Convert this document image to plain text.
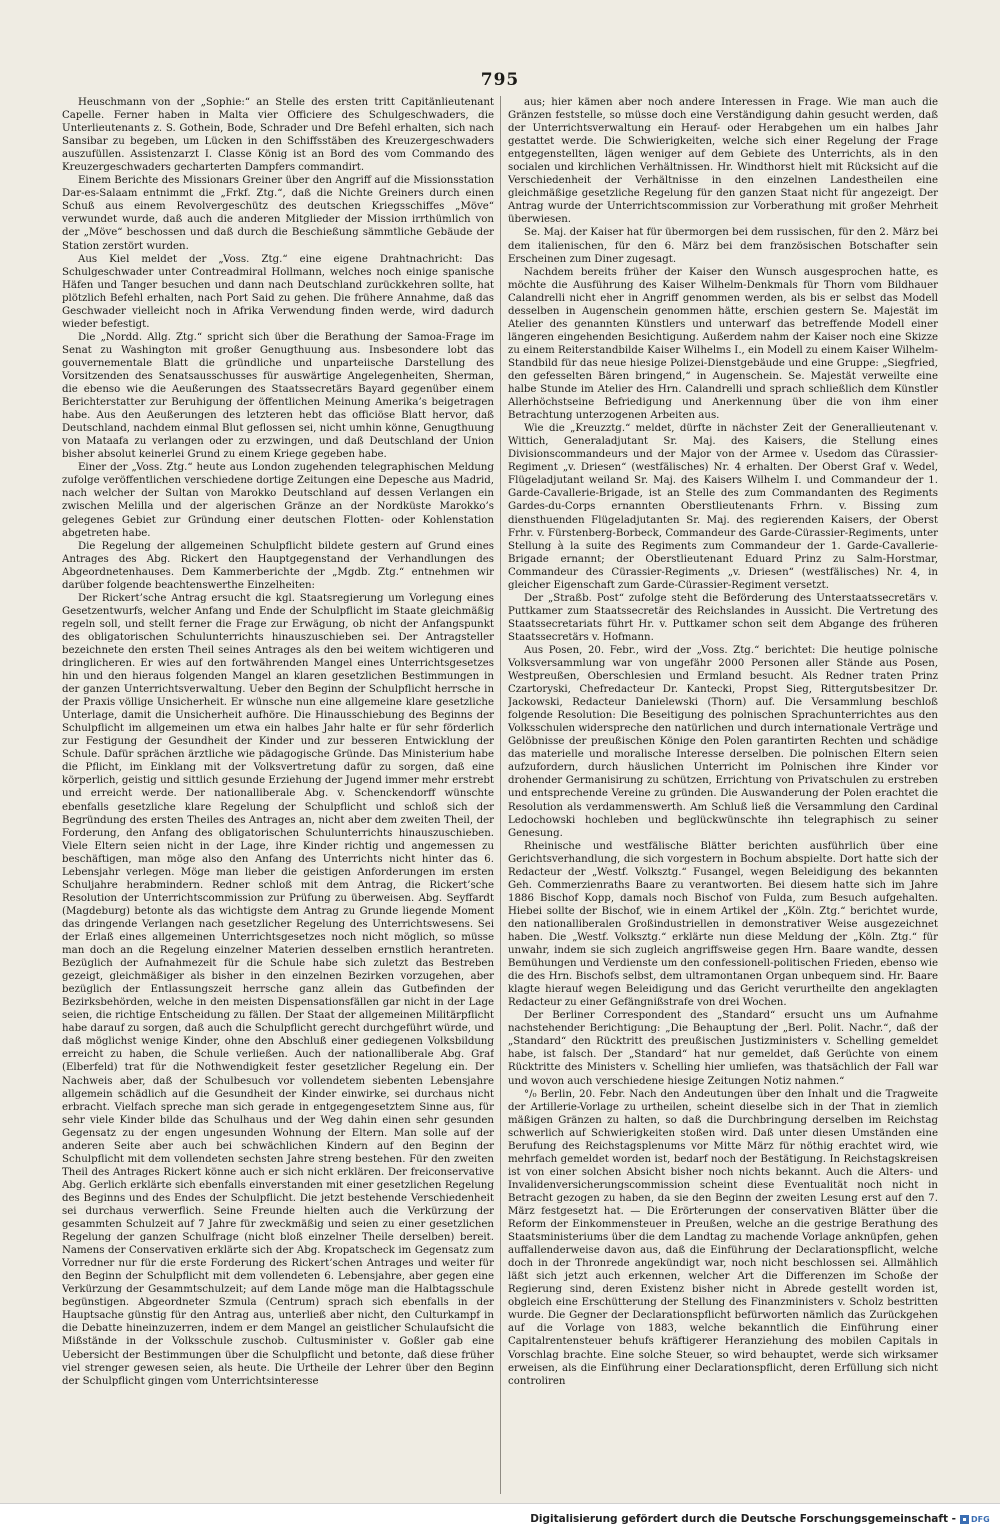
795

Heuschmann von der „Sophie:“ an Stelle des ersten tritt Capitänlieutenant Capelle. Ferner haben in Malta vier Officiere des Schulgeschwaders, die Unterlieutenants z. S. Gothein, Bode, Schrader und Dre Befehl erhalten, sich nach Sansibar zu begeben, um Lücken in den Schiffsstäben des Kreuzergeschwaders auszufüllen. Assistenzarzt I. Classe König ist an Bord des vom Commando des Kreuzergeschwaders gecharterten Dampfers commandirt.

Einem Berichte des Missionars Greiner über den Angriff auf die Missionsstation Dar-es-Salaam entnimmt die „Frkf. Ztg.“, daß die Nichte Greiners durch einen Schuß aus einem Revolvergeschütz des deutschen Kriegsschiffes „Möve“ verwundet wurde, daß auch die anderen Mitglieder der Mission irrthümlich von der „Möve“ beschossen und daß durch die Beschießung sämmtliche Gebäude der Station zerstört wurden.

Aus Kiel meldet der „Voss. Ztg.“ eine eigene Drahtnachricht: Das Schulgeschwader unter Contreadmiral Hollmann, welches noch einige spanische Häfen und Tanger besuchen und dann nach Deutschland zurückkehren sollte, hat plötzlich Befehl erhalten, nach Port Said zu gehen. Die frühere Annahme, daß das Geschwader vielleicht noch in Afrika Verwendung finden werde, wird dadurch wieder befestigt.

Die „Nordd. Allg. Ztg.“ spricht sich über die Berathung der Samoa-Frage im Senat zu Washington mit großer Genugthuung aus. Insbesondere lobt das gouvernementale Blatt die gründliche und unparteiische Darstellung des Vorsitzenden des Senatsausschusses für auswärtige Angelegenheiten, Sherman, die ebenso wie die Aeußerungen des Staatssecretärs Bayard gegenüber einem Berichterstatter zur Beruhigung der öffentlichen Meinung Amerika’s beigetragen habe. Aus den Aeußerungen des letzteren hebt das officiöse Blatt hervor, daß Deutschland, nachdem einmal Blut geflossen sei, nicht umhin könne, Genugthuung von Mataafa zu verlangen oder zu erzwingen, und daß Deutschland der Union bisher absolut keinerlei Grund zu einem Kriege gegeben habe.

Einer der „Voss. Ztg.“ heute aus London zugehenden telegraphischen Meldung zufolge veröffentlichen verschiedene dortige Zeitungen eine Depesche aus Madrid, nach welcher der Sultan von Marokko Deutschland auf dessen Verlangen ein zwischen Melilla und der algerischen Gränze an der Nordküste Marokko’s gelegenes Gebiet zur Gründung einer deutschen Flotten- oder Kohlenstation abgetreten habe.

Die Regelung der allgemeinen Schulpflicht bildete gestern auf Grund eines Antrages des Abg. Rickert den Hauptgegenstand der Verhandlungen des Abgeordnetenhauses. Dem Kammerberichte der „Mgdb. Ztg.“ entnehmen wir darüber folgende beachtenswerthe Einzelheiten:

Der Rickert’sche Antrag ersucht die kgl. Staatsregierung um Vorlegung eines Gesetzentwurfs, welcher Anfang und Ende der Schulpflicht im Staate gleichmäßig regeln soll, und stellt ferner die Frage zur Erwägung, ob nicht der Anfangspunkt des obligatorischen Schulunterrichts hinauszuschieben sei. Der Antragsteller bezeichnete den ersten Theil seines Antrages als den bei weitem wichtigeren und dringlicheren. Er wies auf den fortwährenden Mangel eines Unterrichtsgesetzes hin und den hieraus folgenden Mangel an klaren gesetzlichen Bestimmungen in der ganzen Unterrichtsverwaltung. Ueber den Beginn der Schulpflicht herrsche in der Praxis völlige Unsicherheit. Er wünsche nun eine allgemeine klare gesetzliche Unterlage, damit die Unsicherheit aufhöre. Die Hinausschiebung des Beginns der Schulpflicht im allgemeinen um etwa ein halbes Jahr halte er für sehr förderlich zur Festigung der Gesundheit der Kinder und zur besseren Entwicklung der Schule. Dafür sprächen ärztliche wie pädagogische Gründe. Das Ministerium habe die Pflicht, im Einklang mit der Volksvertretung dafür zu sorgen, daß eine körperlich, geistig und sittlich gesunde Erziehung der Jugend immer mehr erstrebt und erreicht werde. Der nationalliberale Abg. v. Schenckendorff wünschte ebenfalls gesetzliche klare Regelung der Schulpflicht und schloß sich der Begründung des ersten Theiles des Antrages an, nicht aber dem zweiten Theil, der Forderung, den Anfang des obligatorischen Schulunterrichts hinauszuschieben. Viele Eltern seien nicht in der Lage, ihre Kinder richtig und angemessen zu beschäftigen, man möge also den Anfang des Unterrichts nicht hinter das 6. Lebensjahr verlegen. Möge man lieber die geistigen Anforderungen im ersten Schuljahre herabmindern. Redner schloß mit dem Antrag, die Rickert’sche Resolution der Unterrichtscommission zur Prüfung zu überweisen. Abg. Seyffardt (Magdeburg) betonte als das wichtigste dem Antrag zu Grunde liegende Moment das dringende Verlangen nach gesetzlicher Regelung des Unterrichtswesens. Sei der Erlaß eines allgemeinen Unterrichtsgesetzes noch nicht möglich, so müsse man doch an die Regelung einzelner Materien desselben ernstlich herantreten. Bezüglich der Aufnahmezeit für die Schule habe sich zuletzt das Bestreben gezeigt, gleichmäßiger als bisher in den einzelnen Bezirken vorzugehen, aber bezüglich der Entlassungszeit herrsche ganz allein das Gutbefinden der Bezirksbehörden, welche in den meisten Dispensationsfällen gar nicht in der Lage seien, die richtige Entscheidung zu fällen. Der Staat der allgemeinen Militärpflicht habe darauf zu sorgen, daß auch die Schulpflicht gerecht durchgeführt würde, und daß möglichst wenige Kinder, ohne den Abschluß einer gediegenen Volksbildung erreicht zu haben, die Schule verließen. Auch der nationalliberale Abg. Graf (Elberfeld) trat für die Nothwendigkeit fester gesetzlicher Regelung ein. Der Nachweis aber, daß der Schulbesuch vor vollendetem siebenten Lebensjahre allgemein schädlich auf die Gesundheit der Kinder einwirke, sei durchaus nicht erbracht. Vielfach spreche man sich gerade in entgegengesetztem Sinne aus, für sehr viele Kinder bilde das Schulhaus und der Weg dahin einen sehr gesunden Gegensatz zu der engen ungesunden Wohnung der Eltern. Man solle auf der anderen Seite aber auch bei schwächlichen Kindern auf den Beginn der Schulpflicht mit dem vollendeten sechsten Jahre streng bestehen. Für den zweiten Theil des Antrages Rickert könne auch er sich nicht erklären. Der freiconservative Abg. Gerlich erklärte sich ebenfalls einverstanden mit einer gesetzlichen Regelung des Beginns und des Endes der Schulpflicht. Die jetzt bestehende Verschiedenheit sei durchaus verwerflich. Seine Freunde hielten auch die Verkürzung der gesammten Schulzeit auf 7 Jahre für zweckmäßig und seien zu einer gesetzlichen Regelung der ganzen Schulfrage (nicht bloß einzelner Theile derselben) bereit. Namens der Conservativen erklärte sich der Abg. Kropatscheck im Gegensatz zum Vorredner nur für die erste Forderung des Rickert’schen Antrages und weiter für den Beginn der Schulpflicht mit dem vollendeten 6. Lebensjahre, aber gegen eine Verkürzung der Gesammtschulzeit; auf dem Lande möge man die Halbtagsschule begünstigen. Abgeordneter Szmula (Centrum) sprach sich ebenfalls in der Hauptsache günstig für den Antrag aus, unterließ aber nicht, den Culturkampf in die Debatte hineinzuzerren, indem er dem Mangel an geistlicher Schulaufsicht die Mißstände in der Volksschule zuschob. Cultusminister v. Goßler gab eine Uebersicht der Bestimmungen über die Schulpflicht und betonte, daß diese früher viel strenger gewesen seien, als heute. Die Urtheile der Lehrer über den Beginn der Schulpflicht gingen vom Unterrichtsinteresse

aus; hier kämen aber noch andere Interessen in Frage. Wie man auch die Gränzen feststelle, so müsse doch eine Verständigung dahin gesucht werden, daß der Unterrichtsverwaltung ein Herauf- oder Herabgehen um ein halbes Jahr gestattet werde. Die Schwierigkeiten, welche sich einer Regelung der Frage entgegenstellten, lägen weniger auf dem Gebiete des Unterrichts, als in den socialen und kirchlichen Verhältnissen. Hr. Windthorst hielt mit Rücksicht auf die Verschiedenheit der Verhältnisse in den einzelnen Landestheilen eine gleichmäßige gesetzliche Regelung für den ganzen Staat nicht für angezeigt. Der Antrag wurde der Unterrichtscommission zur Vorberathung mit großer Mehrheit überwiesen.

Se. Maj. der Kaiser hat für übermorgen bei dem russischen, für den 2. März bei dem italienischen, für den 6. März bei dem französischen Botschafter sein Erscheinen zum Diner zugesagt.

Nachdem bereits früher der Kaiser den Wunsch ausgesprochen hatte, es möchte die Ausführung des Kaiser Wilhelm-Denkmals für Thorn vom Bildhauer Calandrelli nicht eher in Angriff genommen werden, als bis er selbst das Modell desselben in Augenschein genommen hätte, erschien gestern Se. Majestät im Atelier des genannten Künstlers und unterwarf das betreffende Modell einer längeren eingehenden Besichtigung. Außerdem nahm der Kaiser noch eine Skizze zu einem Reiterstandbilde Kaiser Wilhelms I., ein Modell zu einem Kaiser Wilhelm-Standbild für das neue hiesige Polizei-Dienstgebäude und eine Gruppe: „Siegfried, den gefesselten Bären bringend,“ in Augenschein. Se. Majestät verweilte eine halbe Stunde im Atelier des Hrn. Calandrelli und sprach schließlich dem Künstler Allerhöchstseine Befriedigung und Anerkennung über die von ihm einer Betrachtung unterzogenen Arbeiten aus.

Wie die „Kreuzztg.“ meldet, dürfte in nächster Zeit der Generallieutenant v. Wittich, Generaladjutant Sr. Maj. des Kaisers, die Stellung eines Divisionscommandeurs und der Major von der Armee v. Usedom das Cürassier-Regiment „v. Driesen“ (westfälisches) Nr. 4 erhalten. Der Oberst Graf v. Wedel, Flügeladjutant weiland Sr. Maj. des Kaisers Wilhelm I. und Commandeur der 1. Garde-Cavallerie-Brigade, ist an Stelle des zum Commandanten des Regiments Gardes-du-Corps ernannten Oberstlieutenants Frhrn. v. Bissing zum diensthuenden Flügeladjutanten Sr. Maj. des regierenden Kaisers, der Oberst Frhr. v. Fürstenberg-Borbeck, Commandeur des Garde-Cürassier-Regiments, unter Stellung à la suite des Regiments zum Commandeur der 1. Garde-Cavallerie-Brigade ernannt; der Oberstlieutenant Eduard Prinz zu Salm-Horstmar, Commandeur des Cürassier-Regiments „v. Driesen“ (westfälisches) Nr. 4, in gleicher Eigenschaft zum Garde-Cürassier-Regiment versetzt.

Der „Straßb. Post“ zufolge steht die Beförderung des Unterstaatssecretärs v. Puttkamer zum Staatssecretär des Reichslandes in Aussicht. Die Vertretung des Staatssecretariats führt Hr. v. Puttkamer schon seit dem Abgange des früheren Staatssecretärs v. Hofmann.

Aus Posen, 20. Febr., wird der „Voss. Ztg.“ berichtet: Die heutige polnische Volksversammlung war von ungefähr 2000 Personen aller Stände aus Posen, Westpreußen, Oberschlesien und Ermland besucht. Als Redner traten Prinz Czartoryski, Chefredacteur Dr. Kantecki, Propst Sieg, Rittergutsbesitzer Dr. Jackowski, Redacteur Danielewski (Thorn) auf. Die Versammlung beschloß folgende Resolution: Die Beseitigung des polnischen Sprachunterrichtes aus den Volksschulen widerspreche den natürlichen und durch internationale Verträge und Gelöbnisse der preußischen Könige den Polen garantirten Rechten und schädige das materielle und moralische Interesse derselben. Die polnischen Eltern seien aufzufordern, durch häuslichen Unterricht im Polnischen ihre Kinder vor drohender Germanisirung zu schützen, Errichtung von Privatschulen zu erstreben und entsprechende Vereine zu gründen. Die Auswanderung der Polen erachtet die Resolution als verdammenswerth. Am Schluß ließ die Versammlung den Cardinal Ledochowski hochleben und beglückwünschte ihn telegraphisch zu seiner Genesung.

Rheinische und westfälische Blätter berichten ausführlich über eine Gerichtsverhandlung, die sich vorgestern in Bochum abspielte. Dort hatte sich der Redacteur der „Westf. Volksztg.“ Fusangel, wegen Beleidigung des bekannten Geh. Commerzienraths Baare zu verantworten. Bei diesem hatte sich im Jahre 1886 Bischof Kopp, damals noch Bischof von Fulda, zum Besuch aufgehalten. Hiebei sollte der Bischof, wie in einem Artikel der „Köln. Ztg.“ berichtet wurde, den nationalliberalen Großindustriellen in demonstrativer Weise ausgezeichnet haben. Die „Westf. Volksztg.“ erklärte nun diese Meldung der „Köln. Ztg.“ für unwahr, indem sie sich zugleich angriffsweise gegen Hrn. Baare wandte, dessen Bemühungen und Verdienste um den confessionell-politischen Frieden, ebenso wie die des Hrn. Bischofs selbst, dem ultramontanen Organ unbequem sind. Hr. Baare klagte hierauf wegen Beleidigung und das Gericht verurtheilte den angeklagten Redacteur zu einer Gefängnißstrafe von drei Wochen.

Der Berliner Correspondent des „Standard“ ersucht uns um Aufnahme nachstehender Berichtigung: „Die Behauptung der „Berl. Polit. Nachr.“, daß der „Standard“ den Rücktritt des preußischen Justizministers v. Schelling gemeldet habe, ist falsch. Der „Standard“ hat nur gemeldet, daß Gerüchte von einem Rücktritte des Ministers v. Schelling hier umliefen, was thatsächlich der Fall war und wovon auch verschiedene hiesige Zeitungen Notiz nahmen.“

°/₀ Berlin, 20. Febr. Nach den Andeutungen über den Inhalt und die Tragweite der Artillerie-Vorlage zu urtheilen, scheint dieselbe sich in der That in ziemlich mäßigen Gränzen zu halten, so daß die Durchbringung derselben im Reichstag schwerlich auf Schwierigkeiten stoßen wird. Daß unter diesen Umständen eine Berufung des Reichstagsplenums vor Mitte März für nöthig erachtet wird, wie mehrfach gemeldet worden ist, bedarf noch der Bestätigung. In Reichstagskreisen ist von einer solchen Absicht bisher noch nichts bekannt. Auch die Alters- und Invalidenversicherungscommission scheint diese Eventualität noch nicht in Betracht gezogen zu haben, da sie den Beginn der zweiten Lesung erst auf den 7. März festgesetzt hat. — Die Erörterungen der conservativen Blätter über die Reform der Einkommensteuer in Preußen, welche an die gestrige Berathung des Staatsministeriums über die dem Landtag zu machende Vorlage anknüpfen, gehen auffallenderweise davon aus, daß die Einführung der Declarationspflicht, welche doch in der Thronrede angekündigt war, noch nicht beschlossen sei. Allmählich läßt sich jetzt auch erkennen, welcher Art die Differenzen im Schoße der Regierung sind, deren Existenz bisher nicht in Abrede gestellt worden ist, obgleich eine Erschütterung der Stellung des Finanzministers v. Scholz bestritten wurde. Die Gegner der Declarationspflicht befürworten nämlich das Zurückgehen auf die Vorlage von 1883, welche bekanntlich die Einführung einer Capitalrentensteuer behufs kräftigerer Heranziehung des mobilen Capitals in Vorschlag brachte. Eine solche Steuer, so wird behauptet, werde sich wirksamer erweisen, als die Einführung einer Declarationspflicht, deren Erfüllung sich nicht controliren

Digitalisierung gefördert durch die Deutsche Forschungsgemeinschaft - DFG
